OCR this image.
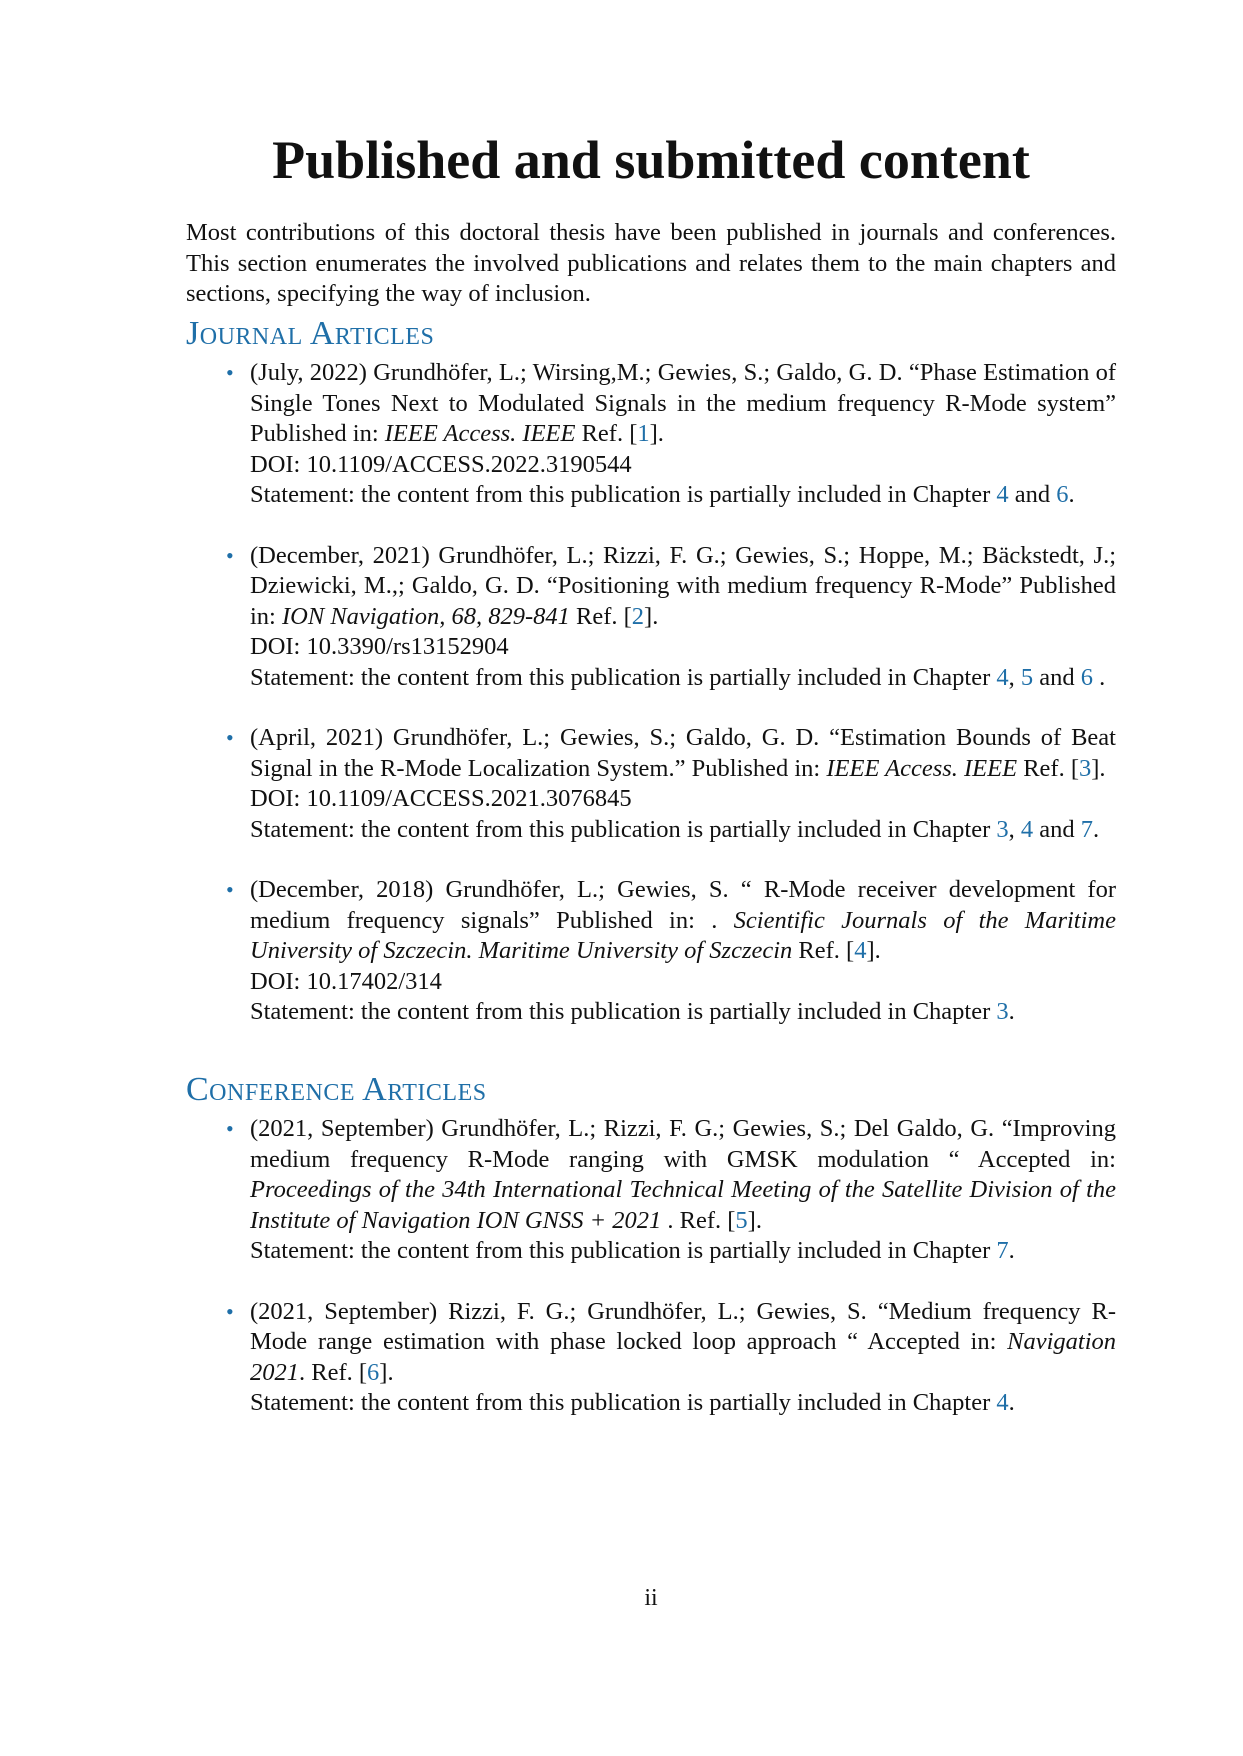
Published and submitted content

Most contributions of this doctoral thesis have been published in journals and conferences. This section enumerates the involved publications and relates them to the main chapters and sections, specifying the way of inclusion.

Journal Articles
• (July, 2022) Grundhöfer, L.; Wirsing,M.; Gewies, S.; Galdo, G. D. “Phase Estimation of Single Tones Next to Modulated Signals in the medium frequency R-Mode system” Published in: IEEE Access. IEEE Ref. [1].
DOI: 10.1109/ACCESS.2022.3190544
Statement: the content from this publication is partially included in Chapter 4 and 6.
• (December, 2021) Grundhöfer, L.; Rizzi, F. G.; Gewies, S.; Hoppe, M.; Bäckstedt, J.; Dziewicki, M.,; Galdo, G. D. “Positioning with medium frequency R-Mode” Published in: ION Navigation, 68, 829-841 Ref. [2].
DOI: 10.3390/rs13152904
Statement: the content from this publication is partially included in Chapter 4, 5 and 6 .
• (April, 2021) Grundhöfer, L.; Gewies, S.; Galdo, G. D. “Estimation Bounds of Beat Signal in the R-Mode Localization System.” Published in: IEEE Access. IEEE Ref. [3].
DOI: 10.1109/ACCESS.2021.3076845
Statement: the content from this publication is partially included in Chapter 3, 4 and 7.
• (December, 2018) Grundhöfer, L.; Gewies, S. “ R-Mode receiver development for medium frequency signals” Published in: . Scientific Journals of the Maritime University of Szczecin. Maritime University of Szczecin Ref. [4].
DOI: 10.17402/314
Statement: the content from this publication is partially included in Chapter 3.
Conference Articles
• (2021, September) Grundhöfer, L.; Rizzi, F. G.; Gewies, S.; Del Galdo, G. “Improving medium frequency R-Mode ranging with GMSK modulation “ Accepted in: Proceedings of the 34th International Technical Meeting of the Satellite Division of the Institute of Navigation ION GNSS + 2021 . Ref. [5].
Statement: the content from this publication is partially included in Chapter 7.
• (2021, September) Rizzi, F. G.; Grundhöfer, L.; Gewies, S. “Medium frequency R-Mode range estimation with phase locked loop approach “ Accepted in: Navigation 2021. Ref. [6].
Statement: the content from this publication is partially included in Chapter 4.
ii
